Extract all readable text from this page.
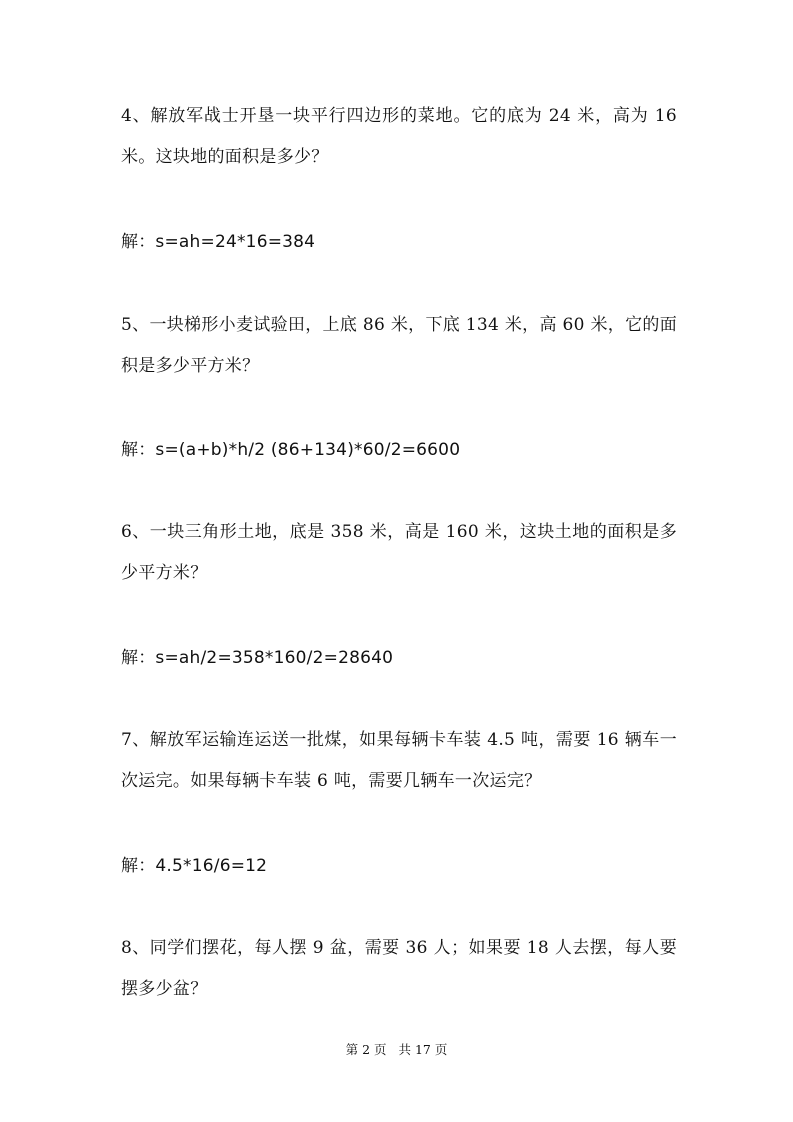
4、解放军战士开垦一块平行四边形的菜地。它的底为 24 米，高为 16 米。这块地的面积是多少？
解：s=ah=24*16=384
5、一块梯形小麦试验田，上底 86 米，下底 134 米，高 60 米，它的面积是多少平方米？
解：s=(a+b)*h/2 (86+134)*60/2=6600
6、一块三角形土地，底是 358 米，高是 160 米，这块土地的面积是多少平方米？
解：s=ah/2=358*160/2=28640
7、解放军运输连运送一批煤，如果每辆卡车装 4.5 吨，需要 16 辆车一次运完。如果每辆卡车装 6 吨，需要几辆车一次运完？
解：4.5*16/6=12
8、同学们摆花，每人摆 9 盆，需要 36 人；如果要 18 人去摆，每人要摆多少盆？
第 2 页 共 17 页
